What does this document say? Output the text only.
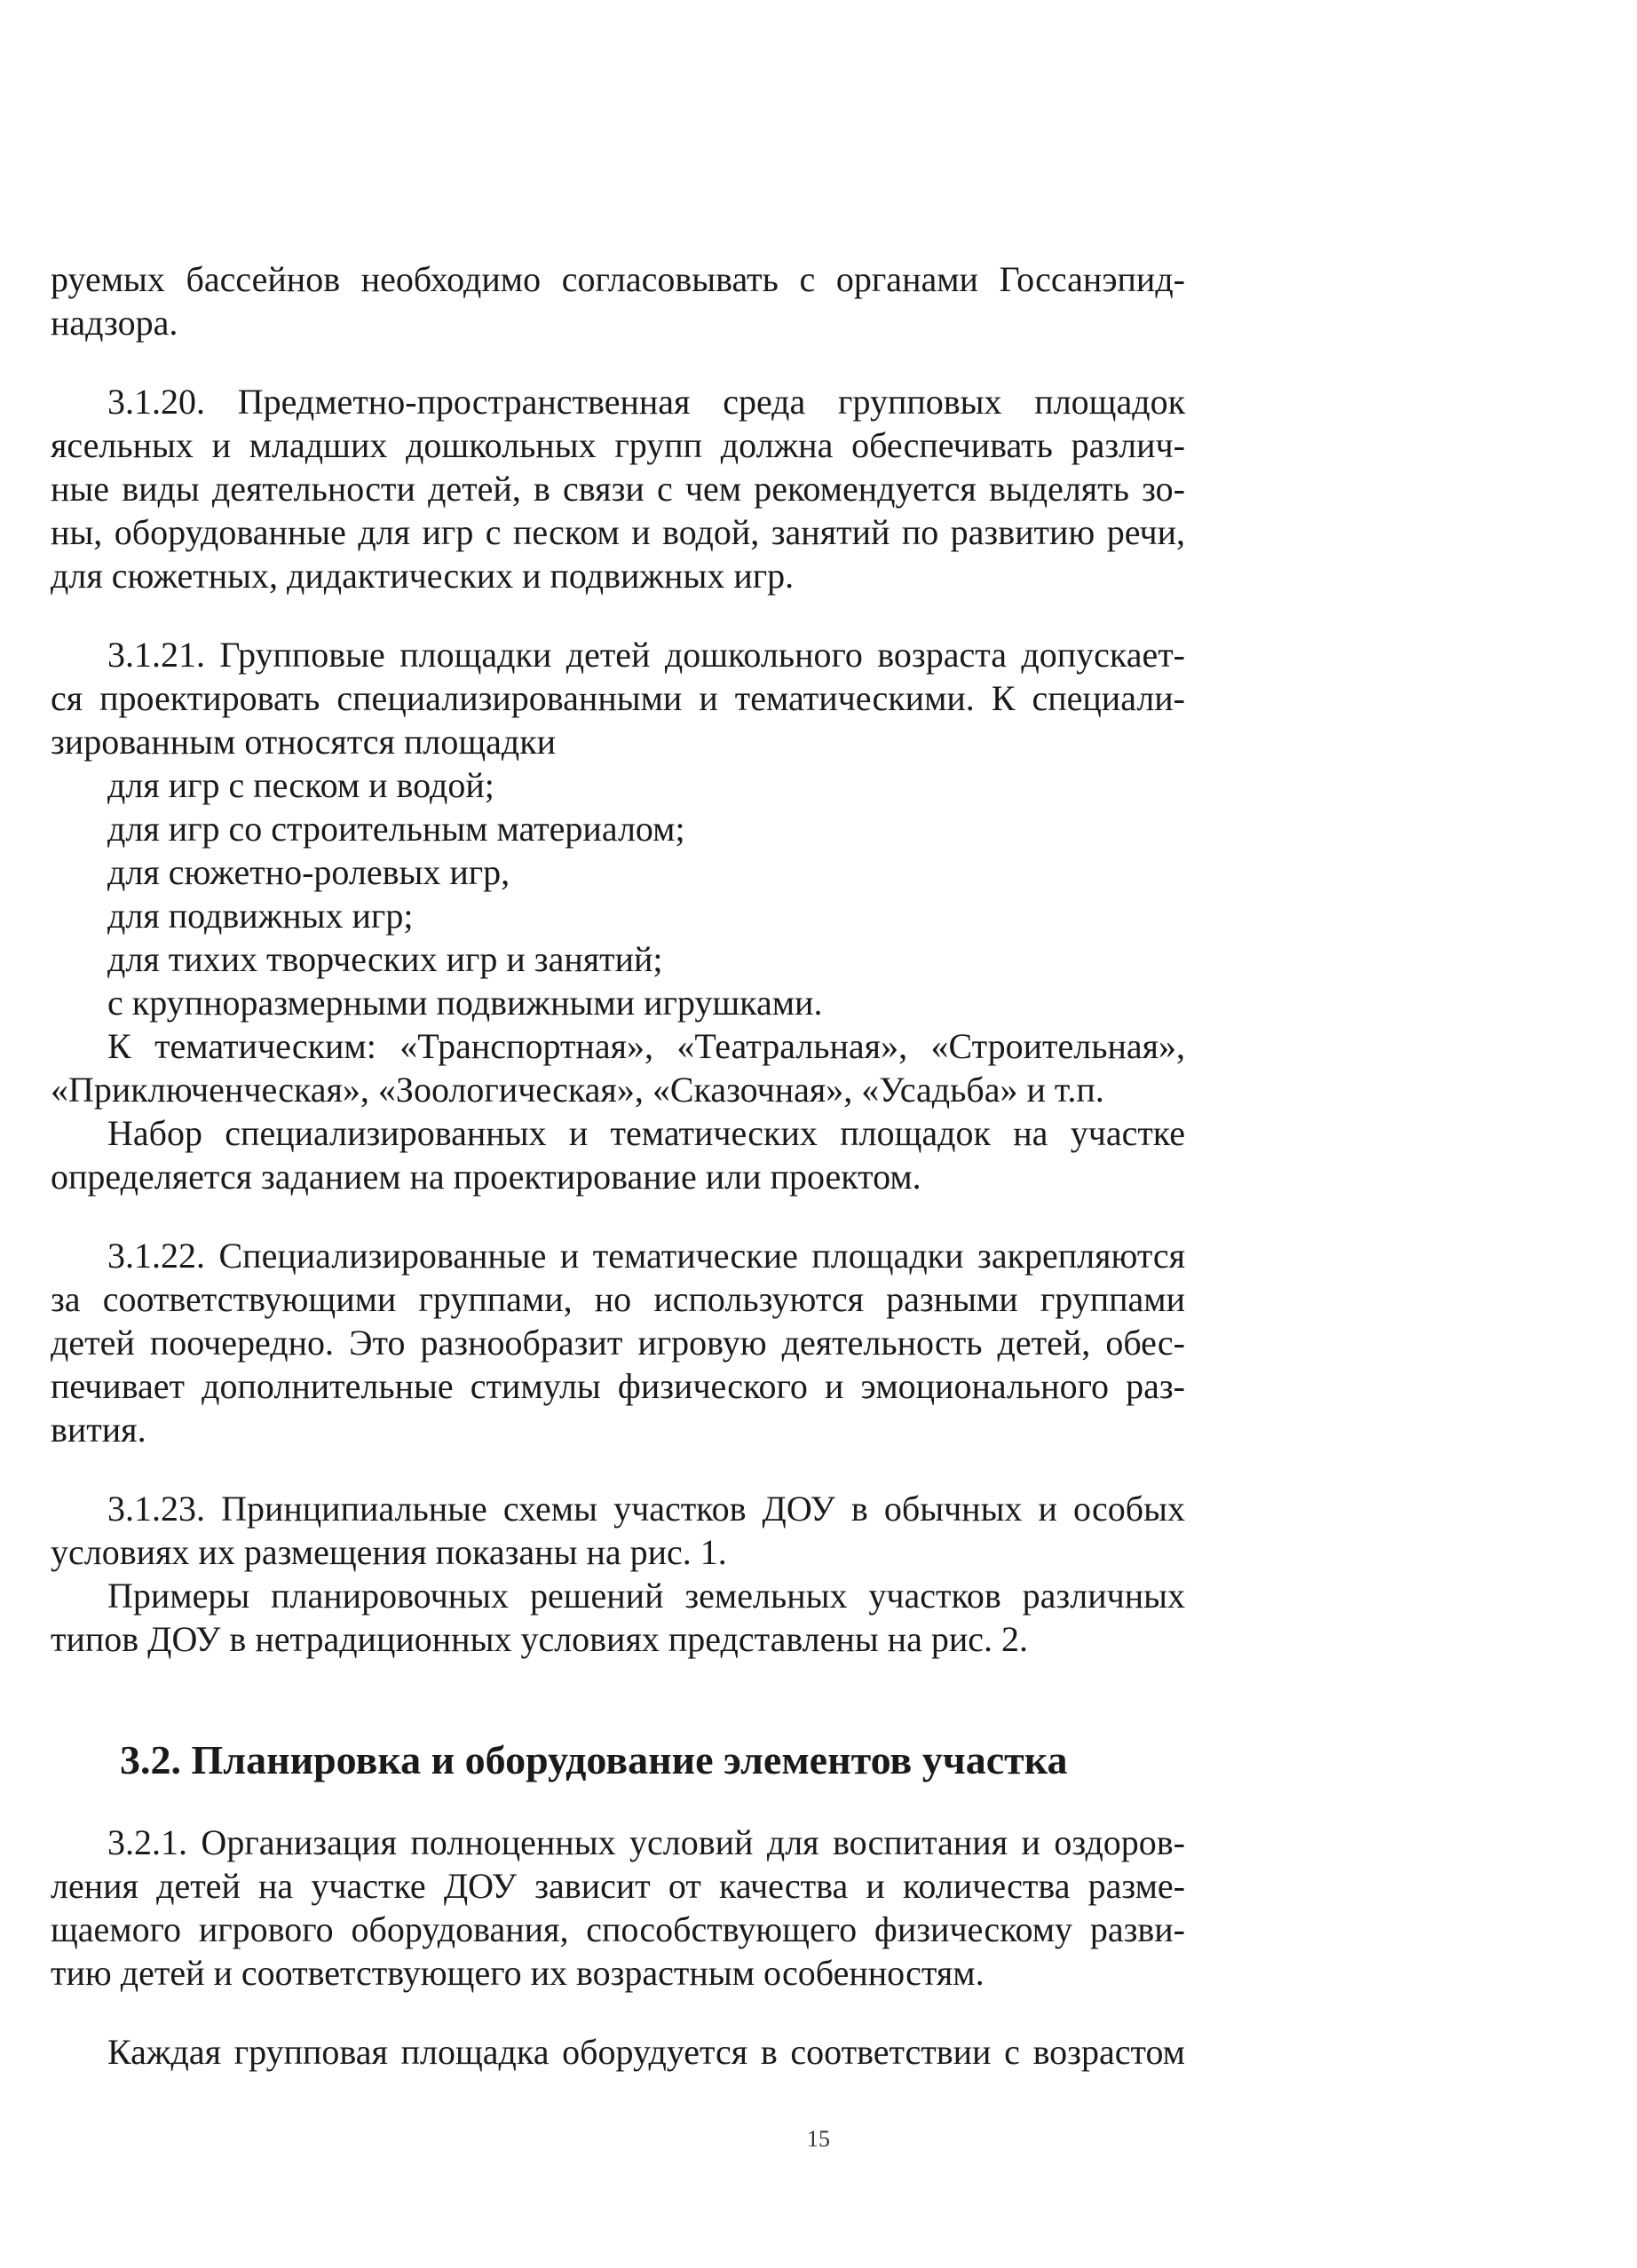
руемых бассейнов необходимо согласовывать с органами Госсанэпид-

надзора.

3.1.20. Предметно-пространственная среда групповых площадок

ясельных и младших дошкольных групп должна обеспечивать различ-

ные виды деятельности детей, в связи с чем рекомендуется выделять зо-

ны, оборудованные для игр с песком и водой, занятий по развитию речи,

для сюжетных, дидактических и подвижных игр.

3.1.21. Групповые площадки детей дошкольного возраста допускает-

ся проектировать специализированными и тематическими. К специали-

зированным относятся площадки

для игр с песком и водой;
для игр со строительным материалом;
для сюжетно-ролевых игр,
для подвижных игр;
для тихих творческих игр и занятий;
с крупноразмерными подвижными игрушками.

К тематическим: «Транспортная», «Театральная», «Строительная»,

«Приключенческая», «Зоологическая», «Сказочная», «Усадьба» и т.п.

Набор специализированных и тематических площадок на участке

определяется заданием на проектирование или проектом.

3.1.22. Специализированные и тематические площадки закрепляются

за соответствующими группами, но используются разными группами

детей поочередно. Это разнообразит игровую деятельность детей, обес-

печивает дополнительные стимулы физического и эмоционального раз-

вития.

3.1.23. Принципиальные схемы участков ДОУ в обычных и особых

условиях их размещения показаны на рис. 1.

Примеры планировочных решений земельных участков различных

типов ДОУ в нетрадиционных условиях представлены на рис. 2.

3.2. Планировка и оборудование элементов участка

3.2.1. Организация полноценных условий для воспитания и оздоров-

ления детей на участке ДОУ зависит от качества и количества разме-

щаемого игрового оборудования, способствующего физическому разви-

тию детей и соответствующего их возрастным особенностям.

Каждая групповая площадка оборудуется в соответствии с возрастом

15
